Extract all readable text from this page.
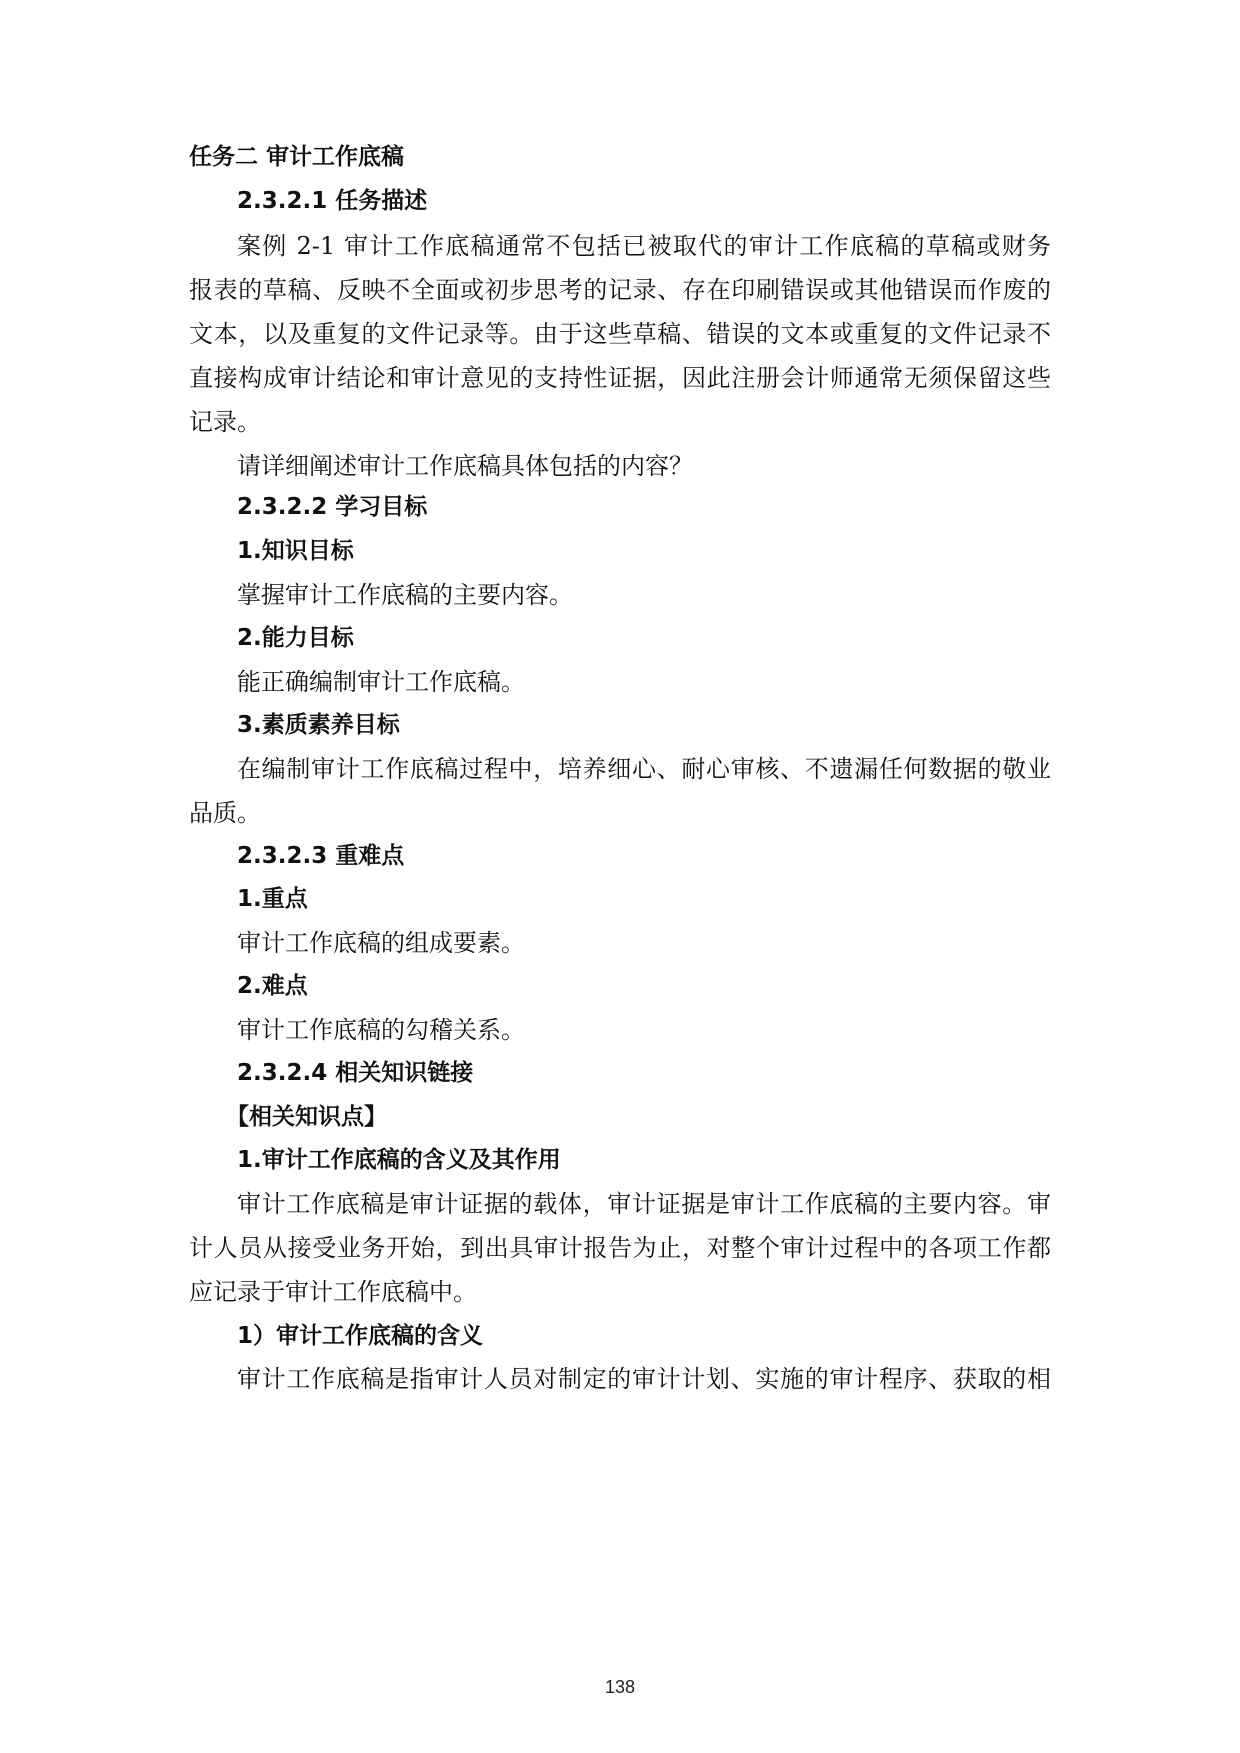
任务二 审计工作底稿
2.3.2.1 任务描述
案例 2-1 审计工作底稿通常不包括已被取代的审计工作底稿的草稿或财务
报表的草稿、反映不全面或初步思考的记录、存在印刷错误或其他错误而作废的
文本，以及重复的文件记录等。由于这些草稿、错误的文本或重复的文件记录不
直接构成审计结论和审计意见的支持性证据，因此注册会计师通常无须保留这些
记录。
请详细阐述审计工作底稿具体包括的内容？
2.3.2.2 学习目标
1.知识目标
掌握审计工作底稿的主要内容。
2.能力目标
能正确编制审计工作底稿。
3.素质素养目标
在编制审计工作底稿过程中，培养细心、耐心审核、不遗漏任何数据的敬业
品质。
2.3.2.3 重难点
1.重点
审计工作底稿的组成要素。
2.难点
审计工作底稿的勾稽关系。
2.3.2.4 相关知识链接
【相关知识点】
1.审计工作底稿的含义及其作用
审计工作底稿是审计证据的载体，审计证据是审计工作底稿的主要内容。审
计人员从接受业务开始，到出具审计报告为止，对整个审计过程中的各项工作都
应记录于审计工作底稿中。
1）审计工作底稿的含义
审计工作底稿是指审计人员对制定的审计计划、实施的审计程序、获取的相
138
